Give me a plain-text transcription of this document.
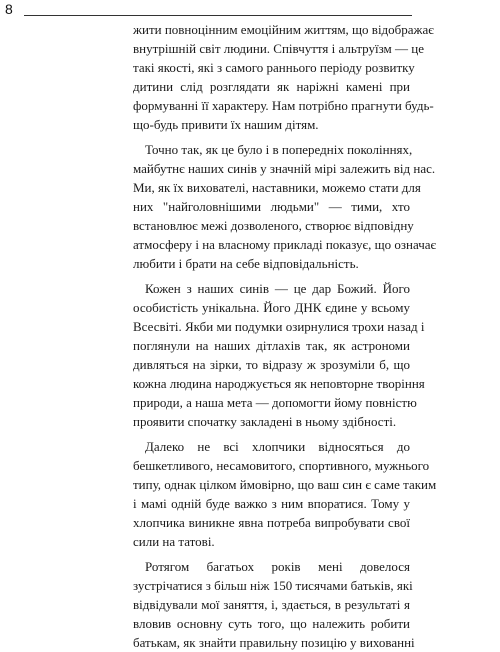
8

жити повноцінним емоційним життям, що відображає
внутрішній світ людини. Співчуття і альтруїзм — це
такі якості, які з самого раннього періоду розвитку
дитини слід розглядати як наріжні камені при
формуванні її характеру. Нам потрібно прагнути будь-
що-будь привити їх нашим дітям.

Точно так, як це було і в попередніх поколіннях,
майбутнє наших синів у значній мірі залежить від нас.
Ми, як їх вихователі, наставники, можемо стати для
них "найголовнішими людьми" — тими, хто
встановлює межі дозволеного, створює відповідну
атмосферу і на власному прикладі показує, що означає
любити і брати на себе відповідальність.

Кожен з наших синів — це дар Божий. Його
особистість унікальна. Його ДНК єдине у всьому
Всесвіті. Якби ми подумки озирнулися трохи назад і
поглянули на наших дітлахів так, як астрономи
дивляться на зірки, то відразу ж зрозуміли б, що
кожна людина народжується як неповторне творіння
природи, а наша мета — допомогти йому повністю
проявити спочатку закладені в ньому здібності.

Далеко не всі хлопчики відносяться до
бешкетливого, несамовитого, спортивного, мужнього
типу, однак цілком ймовірно, що ваш син є саме таким
і мамі одній буде важко з ним впоратися. Тому у
хлопчика виникне явна потреба випробувати свої
сили на татові.

Ротягом багатьох років мені довелося
зустрічатися з більш ніж 150 тисячами батьків, які
відвідували мої заняття, і, здається, в результаті я
вловив основну суть того, що належить робити
батькам, як знайти правильну позицію у вихованні
